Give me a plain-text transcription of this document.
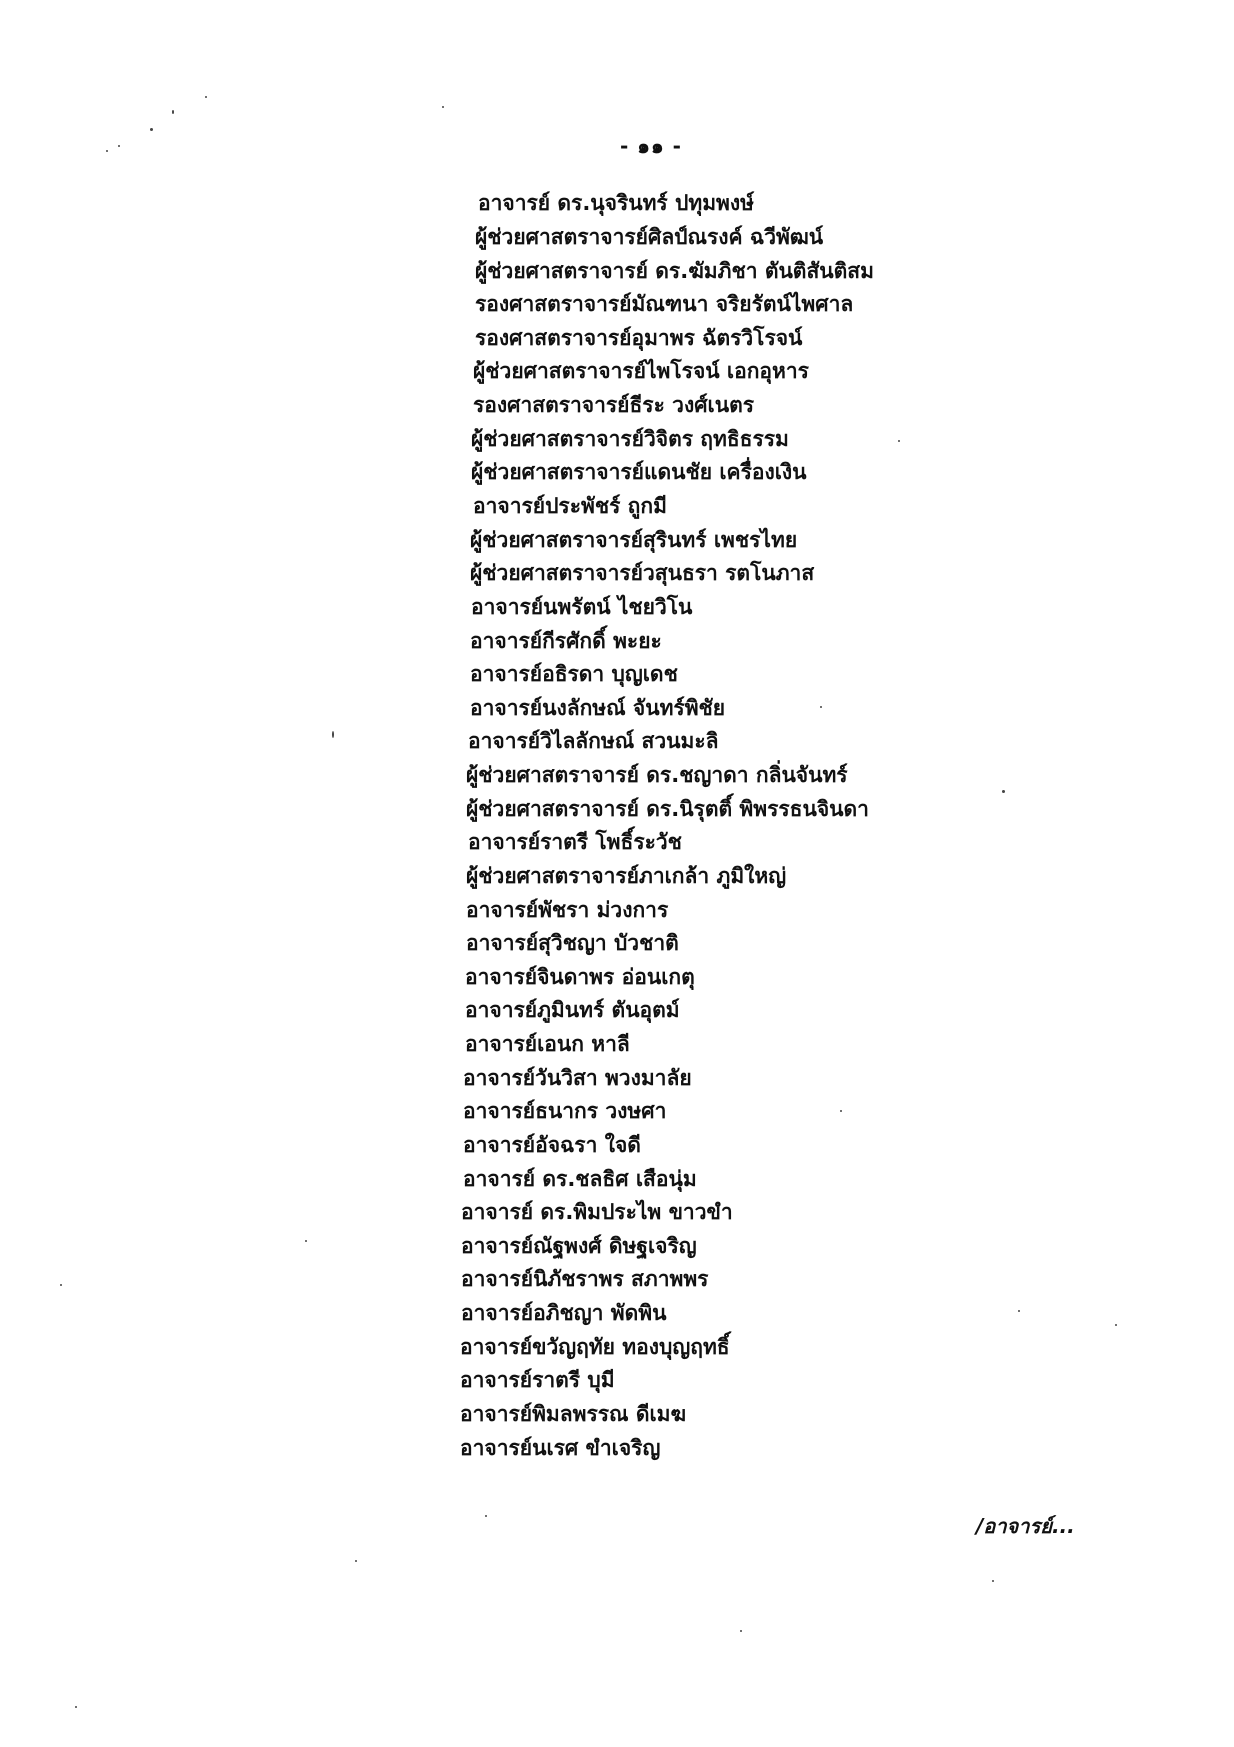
- ๑๑ -
อาจารย์ ดร.นุจรินทร์ ปทุมพงษ์
ผู้ช่วยศาสตราจารย์ศิลป์ณรงค์ ฉวีพัฒน์
ผู้ช่วยศาสตราจารย์ ดร.ฆัมภิชา ตันติสันติสม
รองศาสตราจารย์มัณฑนา จริยรัตน์ไพศาล
รองศาสตราจารย์อุมาพร ฉัตรวิโรจน์
ผู้ช่วยศาสตราจารย์ไพโรจน์ เอกอุหาร
รองศาสตราจารย์ธีระ วงศ์เนตร
ผู้ช่วยศาสตราจารย์วิจิตร ฤทธิธรรม
ผู้ช่วยศาสตราจารย์แดนชัย เครื่องเงิน
อาจารย์ประพัชร์ ถูกมี
ผู้ช่วยศาสตราจารย์สุรินทร์ เพชรไทย
ผู้ช่วยศาสตราจารย์วสุนธรา รตโนภาส
อาจารย์นพรัตน์ ไชยวิโน
อาจารย์กีรศักดิ์ พะยะ
อาจารย์อธิรดา บุญเดช
อาจารย์นงลักษณ์ จันทร์พิชัย
อาจารย์วิไลลักษณ์ สวนมะลิ
ผู้ช่วยศาสตราจารย์ ดร.ชญาดา กลิ่นจันทร์
ผู้ช่วยศาสตราจารย์ ดร.นิรุตติ์ พิพรรธนจินดา
อาจารย์ราตรี โพธิ์ระวัช
ผู้ช่วยศาสตราจารย์ภาเกล้า ภูมิใหญ่
อาจารย์พัชรา ม่วงการ
อาจารย์สุวิชญา บัวชาติ
อาจารย์จินดาพร อ่อนเกตุ
อาจารย์ภูมินทร์ ตันอุตม์
อาจารย์เอนก หาลี
อาจารย์วันวิสา พวงมาลัย
อาจารย์ธนากร วงษศา
อาจารย์อัจฉรา ใจดี
อาจารย์ ดร.ชลธิศ เสือนุ่ม
อาจารย์ ดร.พิมประไพ ขาวขำ
อาจารย์ณัฐพงศ์ ดิษฐเจริญ
อาจารย์นิภัชราพร สภาพพร
อาจารย์อภิชญา พัดพิน
อาจารย์ขวัญฤทัย ทองบุญฤทธิ์
อาจารย์ราตรี บุมี
อาจารย์พิมลพรรณ ดีเมฆ
อาจารย์นเรศ ขำเจริญ
/อาจารย์...
